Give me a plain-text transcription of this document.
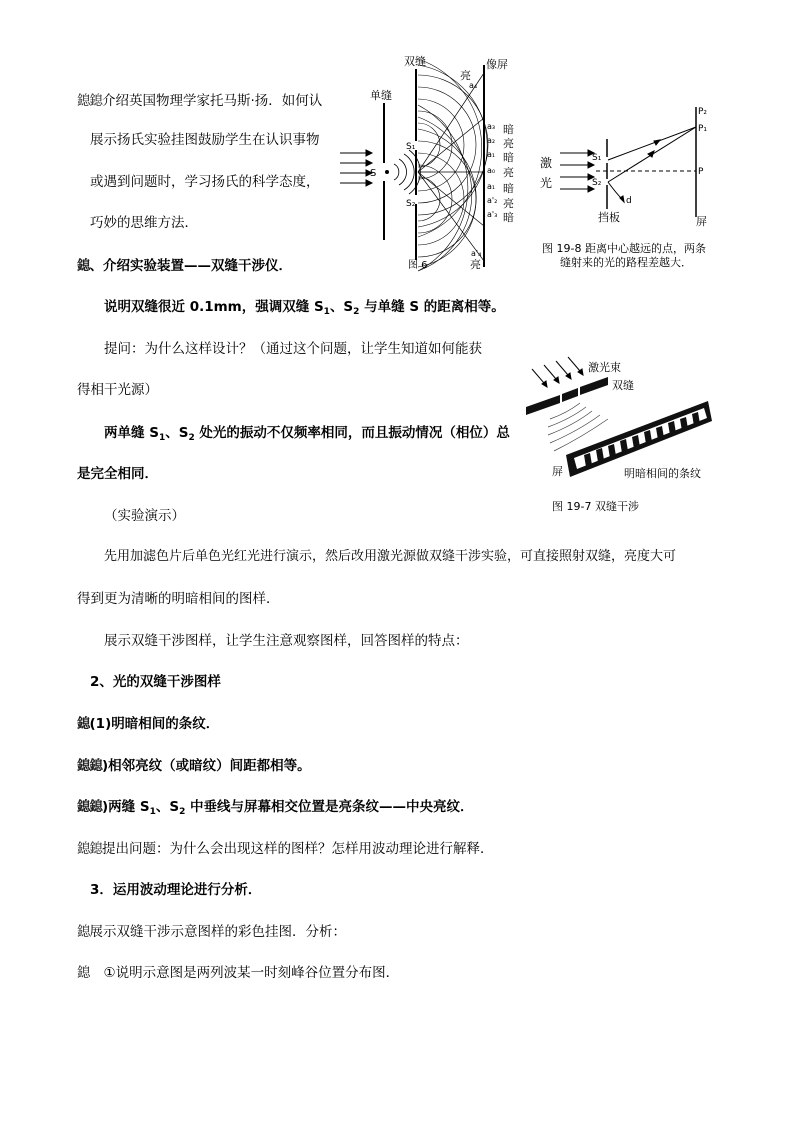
鎴鎴介绍英国物理学家托马斯·扬．如何认
展示扬氏实验挂图鼓励学生在认识事物
或遇到问题时，学习扬氏的科学态度，
巧妙的思维方法．
鎴、介绍实验装置——双缝干涉仪．
说明双缝很近 0.1mm，强调双缝 $S_1$、$S_2$ 与单缝 S 的距离相等。
提问：为什么这样设计？（通过这个问题，让学生知道如何能获
得相干光源）
两单缝 $S_1$、$S_2$ 处光的振动不仅频率相同，而且振动情况（相位）总
是完全相同．
（实验演示）
先用加滤色片后单色光红光进行演示，然后改用激光源做双缝干涉实验，可直接照射双缝，亮度大可
得到更为清晰的明暗相间的图样．
展示双缝干涉图样，让学生注意观察图样，回答图样的特点：
2、光的双缝干涉图样
鎴(1)明暗相间的条纹．
鎴鎴)相邻亮纹（或暗纹）间距都相等。
鎴鎴)两缝 $S_1$、$S_2$ 中垂线与屏幕相交位置是亮条纹——中央亮纹．
鎴鎴提出问题：为什么会出现这样的图样？怎样用波动理论进行解释．
3．运用波动理论进行分析．
鎴展示双缝干涉示意图样的彩色挂图．分析：
鎴 ①说明示意图是两列波某一时刻峰谷位置分布图．
单缝
双缝	像屏
亮
S
S₁
S₂
图 6	亮
a₄
a₃
a₂
a₁
a₀
a₁
a'₂
a'₃
a'₄
暗
亮
暗
亮
暗
亮
暗
激
光
S₁
S₂
P₂
P₁
P
d
挡板	屏
图 19-8 距离中心越远的点，两条
缝射来的光的路程差越大．
激光束
双缝
屏	明暗相间的条纹
图 19-7 双缝干涉
